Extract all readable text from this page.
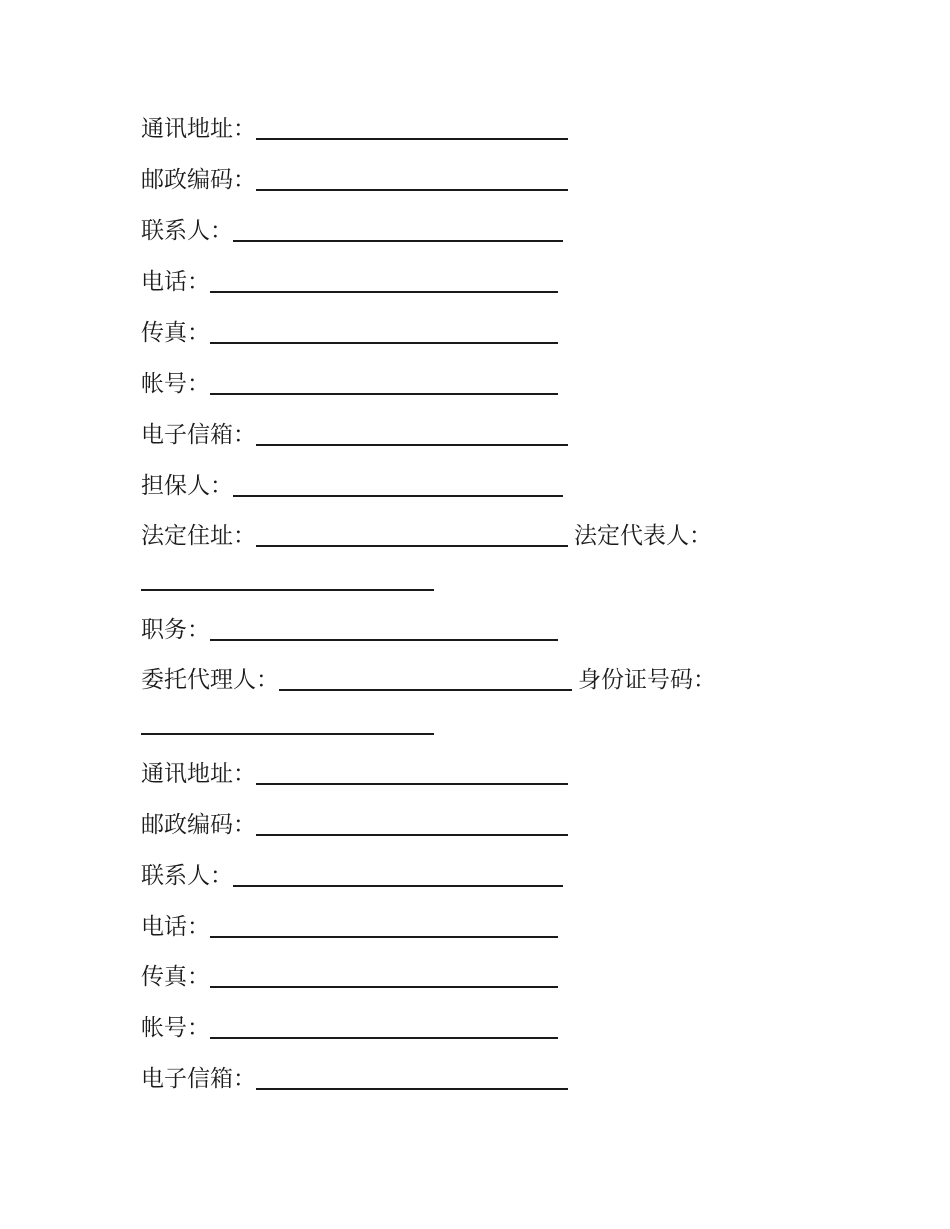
通讯地址：
邮政编码：
联系人：
电话：
传真：
帐号：
电子信箱：
担保人：
法定住址：	法定代表人：
职务：
委托代理人：	身份证号码：
通讯地址：
邮政编码：
联系人：
电话：
传真：
帐号：
电子信箱：
